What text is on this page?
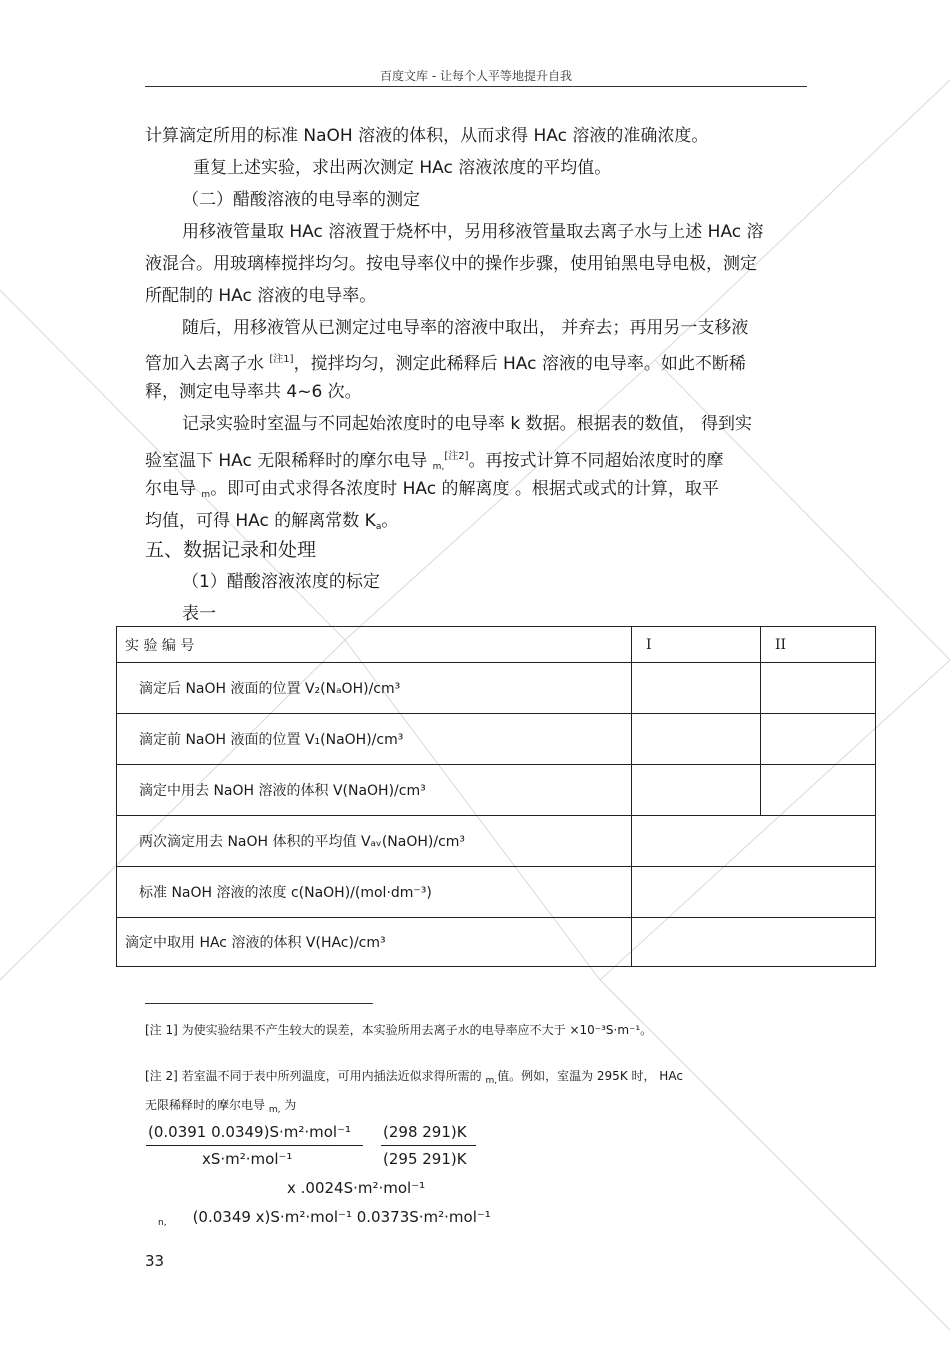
百度文库 - 让每个人平等地提升自我
计算滴定所用的标准 NaOH 溶液的体积，从而求得 HAc 溶液的准确浓度。
重复上述实验，求出两次测定 HAc 溶液浓度的平均值。
（二）醋酸溶液的电导率的测定
用移液管量取 HAc 溶液置于烧杯中，另用移液管量取去离子水与上述 HAc 溶
液混合。用玻璃棒搅拌均匀。按电导率仪中的操作步骤，使用铂黑电导电极，测定
所配制的 HAc 溶液的电导率。
随后，用移液管从已测定过电导率的溶液中取出， 并弃去；再用另一支移液
管加入去离子水 [注1]，搅拌均匀，测定此稀释后 HAc 溶液的电导率。如此不断稀
释，测定电导率共 4~6 次。
记录实验时室温与不同起始浓度时的电导率 k 数据。根据表的数值， 得到实
验室温下 HAc 无限稀释时的摩尔电导 $_{m,}$[注2]。再按式计算不同超始浓度时的摩
尔电导 $_m$。即可由式求得各浓度时 HAc 的解离度 。根据式或式的计算，取平
均值，可得 HAc 的解离常数 $K_a$。
五、数据记录和处理
（1）醋酸溶液浓度的标定
表一
实 验 编 号	I	II
滴定后 NaOH 液面的位置 V₂(NₐOH)/cm³		
滴定前 NaOH 液面的位置 V₁(NaOH)/cm³		
滴定中用去 NaOH 溶液的体积 V(NaOH)/cm³		
两次滴定用去 NaOH 体积的平均值 Vₐᵥ(NaOH)/cm³		
标准 NaOH 溶液的浓度 c(NaOH)/(mol·dm⁻³)		
滴定中取用 HAc 溶液的体积 V(HAc)/cm³		
[注 1] 为使实验结果不产生较大的误差，本实验所用去离子水的电导率应不大于 ×10⁻³S·m⁻¹。
[注 2] 若室温不同于表中所列温度，可用内插法近似求得所需的 $_{m,}$值。例如，室温为 295K 时， HAc
无限稀释时的摩尔电导 $_{m,}$ 为
(0.0391 0.0349)S·m²·mol⁻¹
xS·m²·mol⁻¹
(298 291)K
(295 291)K
x .0024S·m²·mol⁻¹
$_{n,}$ (0.0349 x)S·m²·mol⁻¹ 0.0373S·m²·mol⁻¹
33
